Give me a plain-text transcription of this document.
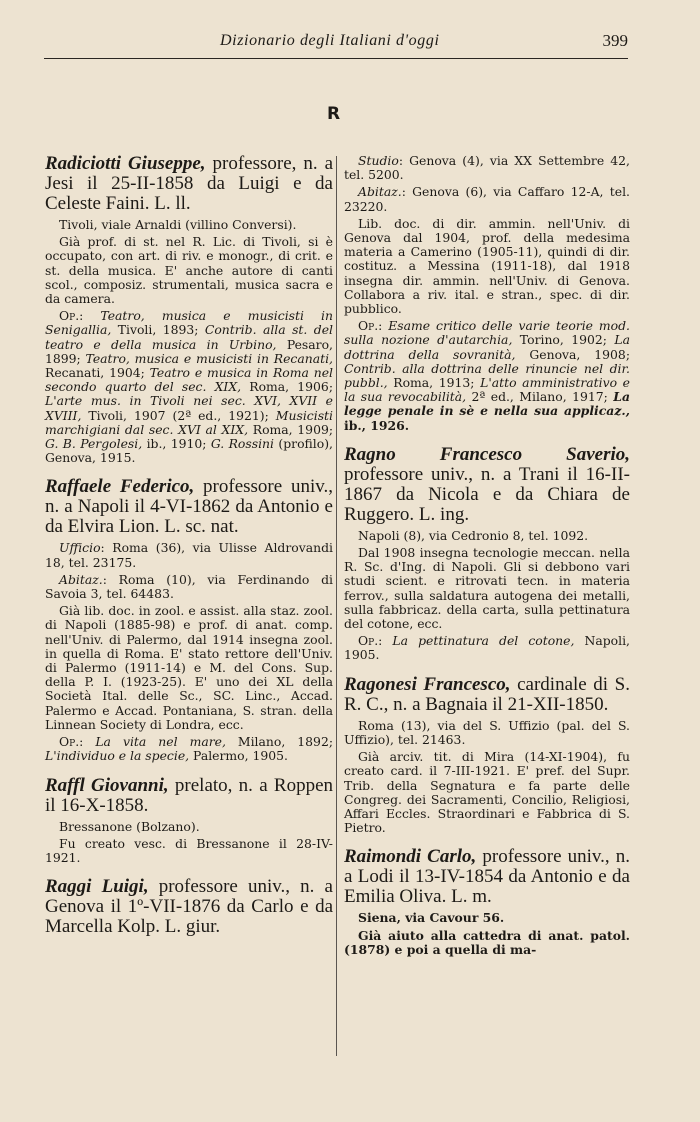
Dizionario degli Italiani d'oggi	399
R
Radiciotti Giuseppe, professore, n. a Jesi il 25-II-1858 da Luigi e da Celeste Faini. L. ll.
Tivoli, viale Arnaldi (villino Conversi).
Già prof. di st. nel R. Lic. di Tivoli, si è occupato, con art. di riv. e monogr., di crit. e st. della musica. E' anche autore di canti scol., composiz. strumentali, musica sacra e da camera.
Op.: Teatro, musica e musicisti in Senigallia, Tivoli, 1893; Contrib. alla st. del teatro e della musica in Urbino, Pesaro, 1899; Teatro, musica e musicisti in Recanati, Recanati, 1904; Teatro e musica in Roma nel secondo quarto del sec. XIX, Roma, 1906; L'arte mus. in Tivoli nei sec. XVI, XVII e XVIII, Tivoli, 1907 (2ª ed., 1921); Musicisti marchigiani dal sec. XVI al XIX, Roma, 1909; G. B. Pergolesi, ib., 1910; G. Rossini (profilo), Genova, 1915.
Raffaele Federico, professore univ., n. a Napoli il 4-VI-1862 da Antonio e da Elvira Lion. L. sc. nat.
Ufficio: Roma (36), via Ulisse Aldrovandi 18, tel. 23175.
Abitaz.: Roma (10), via Ferdinando di Savoia 3, tel. 64483.
Già lib. doc. in zool. e assist. alla staz. zool. di Napoli (1885-98) e prof. di anat. comp. nell'Univ. di Palermo, dal 1914 insegna zool. in quella di Roma. E' stato rettore dell'Univ. di Palermo (1911-14) e M. del Cons. Sup. della P. I. (1923-25). E' uno dei XL della Società Ital. delle Sc., SC. Linc., Accad. Palermo e Accad. Pontaniana, S. stran. della Linnean Society di Londra, ecc.
Op.: La vita nel mare, Milano, 1892; L'individuo e la specie, Palermo, 1905.
Raffl Giovanni, prelato, n. a Roppen il 16-X-1858.
Bressanone (Bolzano).
Fu creato vesc. di Bressanone il 28-IV-1921.
Raggi Luigi, professore univ., n. a Genova il 1º-VII-1876 da Carlo e da Marcella Kolp. L. giur.
Studio: Genova (4), via XX Settembre 42, tel. 5200.
Abitaz.: Genova (6), via Caffaro 12-A, tel. 23220.
Lib. doc. di dir. ammin. nell'Univ. di Genova dal 1904, prof. della medesima materia a Camerino (1905-11), quindi di dir. costituz. a Messina (1911-18), dal 1918 insegna dir. ammin. nell'Univ. di Genova. Collabora a riv. ital. e stran., spec. di dir. pubblico.
Op.: Esame critico delle varie teorie mod. sulla nozione d'autarchia, Torino, 1902; La dottrina della sovranità, Genova, 1908; Contrib. alla dottrina delle rinuncie nel dir. pubbl., Roma, 1913; L'atto amministrativo e la sua revocabilità, 2ª ed., Milano, 1917; La legge penale in sè e nella sua applicaz., ib., 1926.
Ragno Francesco Saverio, professore univ., n. a Trani il 16-II-1867 da Nicola e da Chiara de Ruggero. L. ing.
Napoli (8), via Cedronio 8, tel. 1092.
Dal 1908 insegna tecnologie meccan. nella R. Sc. d'Ing. di Napoli. Gli si debbono vari studi scient. e ritrovati tecn. in materia ferrov., sulla saldatura autogena dei metalli, sulla fabbricaz. della carta, sulla pettinatura del cotone, ecc.
Op.: La pettinatura del cotone, Napoli, 1905.
Ragonesi Francesco, cardinale di S. R. C., n. a Bagnaia il 21-XII-1850.
Roma (13), via del S. Uffizio (pal. del S. Uffizio), tel. 21463.
Già arciv. tit. di Mira (14-XI-1904), fu creato card. il 7-III-1921. E' pref. del Supr. Trib. della Segnatura e fa parte delle Congreg. dei Sacramenti, Concilio, Religiosi, Affari Eccles. Straordinari e Fabbrica di S. Pietro.
Raimondi Carlo, professore univ., n. a Lodi il 13-IV-1854 da Antonio e da Emilia Oliva. L. m.
Siena, via Cavour 56.
Già aiuto alla cattedra di anat. patol. (1878) e poi a quella di ma-
